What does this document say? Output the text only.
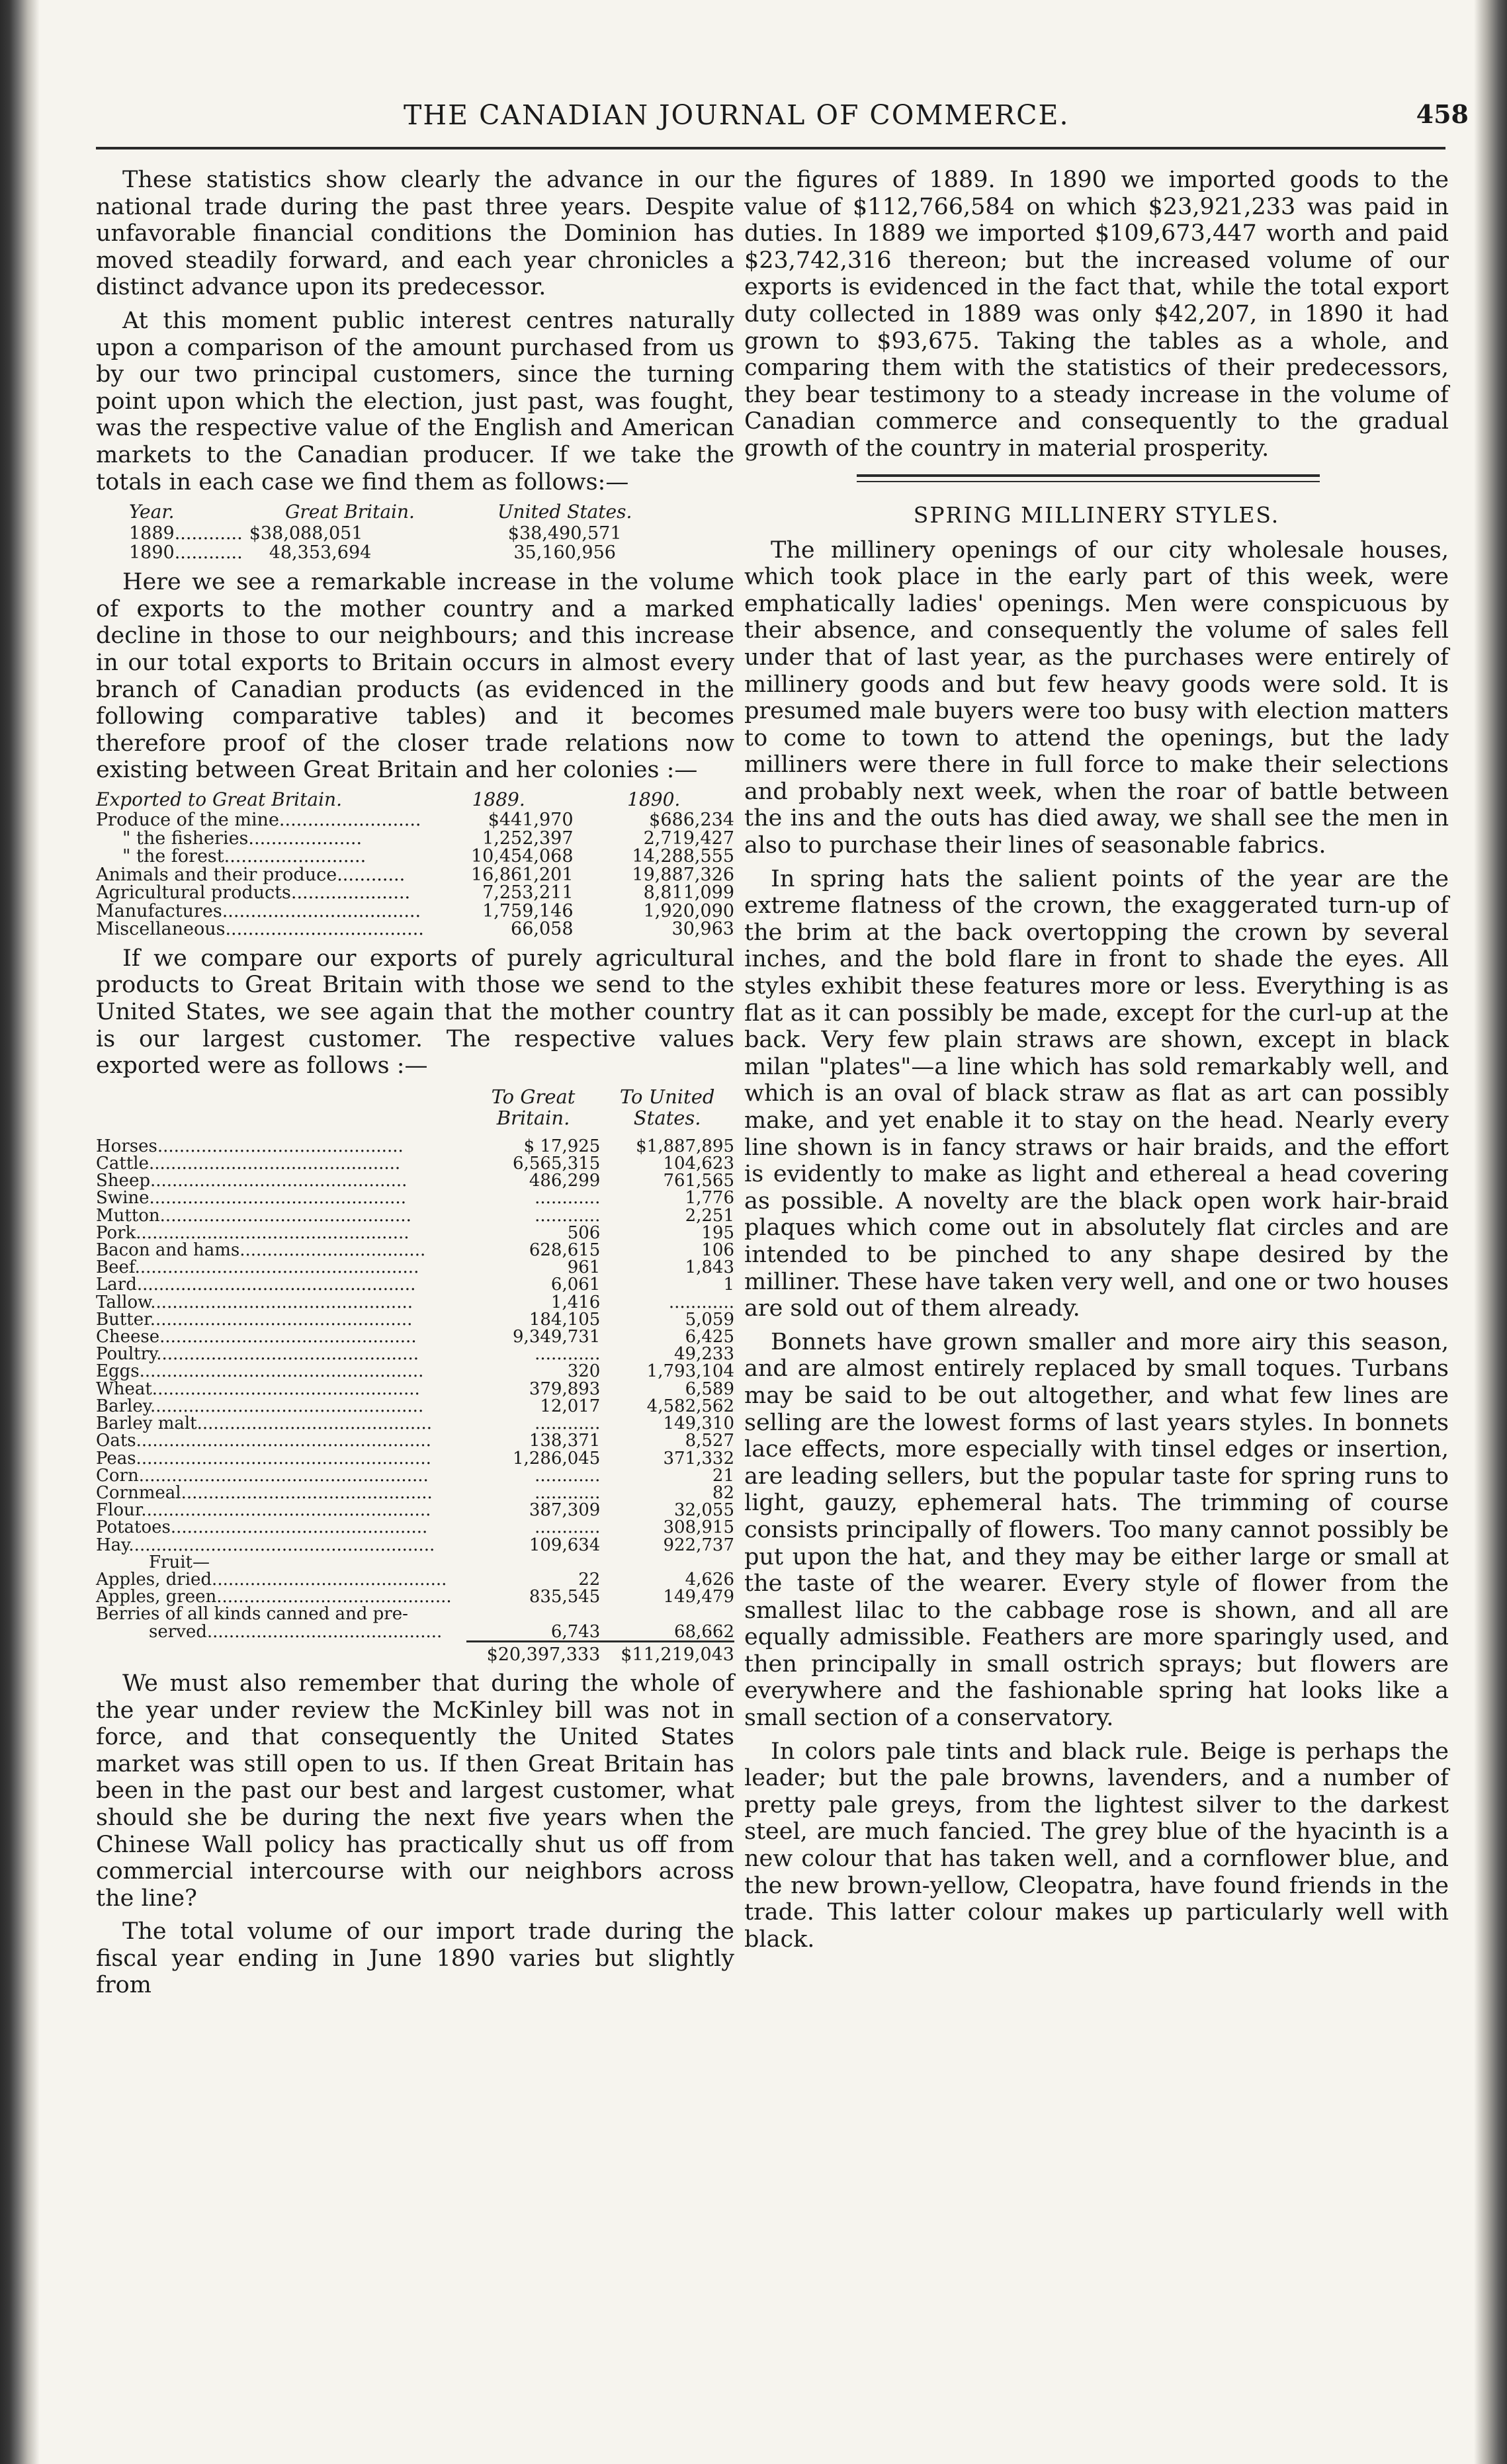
THE CANADIAN JOURNAL OF COMMERCE.	458

These statistics show clearly the advance in our national trade during the past three years. Despite unfavorable financial conditions the Dominion has moved steadily forward, and each year chronicles a distinct advance upon its predecessor.

At this moment public interest centres naturally upon a comparison of the amount purchased from us by our two principal customers, since the turning point upon which the election, just past, was fought, was the respective value of the English and American markets to the Canadian producer. If we take the totals in each case we find them as follows:—

Year.	Great Britain.	United States.	
1889............	$38,088,051	$38,490,571	
1890............	48,353,694	35,160,956	

Here we see a remarkable increase in the volume of exports to the mother country and a marked decline in those to our neighbours; and this increase in our total exports to Britain occurs in almost every branch of Canadian products (as evidenced in the following comparative tables) and it becomes therefore proof of the closer trade relations now existing between Great Britain and her colonies :—

Exported to Great Britain.	1889.	1890.
Produce of the mine.........................	$441,970	$686,234
" the fisheries....................	1,252,397	2,719,427
" the forest.........................	10,454,068	14,288,555
Animals and their produce............	16,861,201	19,887,326
Agricultural products.....................	7,253,211	8,811,099
Manufactures...................................	1,759,146	1,920,090
Miscellaneous...................................	66,058	30,963

If we compare our exports of purely agricultural products to Great Britain with those we send to the United States, we see again that the mother country is our largest customer. The respective values exported were as follows :—

	To Great Britain.	To United States.
Horses.............................................	$ 17,925	$1,887,895
Cattle..............................................	6,565,315	104,623
Sheep...............................................	486,299	761,565
Swine...............................................	............	1,776
Mutton..............................................	............	2,251
Pork..................................................	506	195
Bacon and hams..................................	628,615	106
Beef....................................................	961	1,843
Lard...................................................	6,061	1
Tallow................................................	1,416	............
Butter................................................	184,105	5,059
Cheese...............................................	9,349,731	6,425
Poultry................................................	............	49,233
Eggs....................................................	320	1,793,104
Wheat.................................................	379,893	6,589
Barley..................................................	12,017	4,582,562
Barley malt...........................................	............	149,310
Oats......................................................	138,371	8,527
Peas......................................................	1,286,045	371,332
Corn.....................................................	............	21
Cornmeal..............................................	............	82
Flour.....................................................	387,309	32,055
Potatoes...............................................	............	308,915
Hay........................................................	109,634	922,737
Fruit—		
Apples, dried...........................................	22	4,626
Apples, green...........................................	835,545	149,479
Berries of all kinds canned and pre-		
served...........................................	6,743	68,662
	$20,397,333	$11,219,043

We must also remember that during the whole of the year under review the McKinley bill was not in force, and that consequently the United States market was still open to us. If then Great Britain has been in the past our best and largest customer, what should she be during the next five years when the Chinese Wall policy has practically shut us off from commercial intercourse with our neighbors across the line?

The total volume of our import trade during the fiscal year ending in June 1890 varies but slightly from

the figures of 1889. In 1890 we imported goods to the value of $112,766,584 on which $23,921,233 was paid in duties. In 1889 we imported $109,673,447 worth and paid $23,742,316 thereon; but the increased volume of our exports is evidenced in the fact that, while the total export duty collected in 1889 was only $42,207, in 1890 it had grown to $93,675. Taking the tables as a whole, and comparing them with the statistics of their predecessors, they bear testimony to a steady increase in the volume of Canadian commerce and consequently to the gradual growth of the country in material prosperity.

SPRING MILLINERY STYLES.

The millinery openings of our city wholesale houses, which took place in the early part of this week, were emphatically ladies' openings. Men were conspicuous by their absence, and consequently the volume of sales fell under that of last year, as the purchases were entirely of millinery goods and but few heavy goods were sold. It is presumed male buyers were too busy with election matters to come to town to attend the openings, but the lady milliners were there in full force to make their selections and probably next week, when the roar of battle between the ins and the outs has died away, we shall see the men in also to purchase their lines of seasonable fabrics.

In spring hats the salient points of the year are the extreme flatness of the crown, the exaggerated turn-up of the brim at the back overtopping the crown by several inches, and the bold flare in front to shade the eyes. All styles exhibit these features more or less. Everything is as flat as it can possibly be made, except for the curl-up at the back. Very few plain straws are shown, except in black milan "plates"—a line which has sold remarkably well, and which is an oval of black straw as flat as art can possibly make, and yet enable it to stay on the head. Nearly every line shown is in fancy straws or hair braids, and the effort is evidently to make as light and ethereal a head covering as possible. A novelty are the black open work hair-braid plaques which come out in absolutely flat circles and are intended to be pinched to any shape desired by the milliner. These have taken very well, and one or two houses are sold out of them already.

Bonnets have grown smaller and more airy this season, and are almost entirely replaced by small toques. Turbans may be said to be out altogether, and what few lines are selling are the lowest forms of last years styles. In bonnets lace effects, more especially with tinsel edges or insertion, are leading sellers, but the popular taste for spring runs to light, gauzy, ephemeral hats. The trimming of course consists principally of flowers. Too many cannot possibly be put upon the hat, and they may be either large or small at the taste of the wearer. Every style of flower from the smallest lilac to the cabbage rose is shown, and all are equally admissible. Feathers are more sparingly used, and then principally in small ostrich sprays; but flowers are everywhere and the fashionable spring hat looks like a small section of a conservatory.

In colors pale tints and black rule. Beige is perhaps the leader; but the pale browns, lavenders, and a number of pretty pale greys, from the lightest silver to the darkest steel, are much fancied. The grey blue of the hyacinth is a new colour that has taken well, and a cornflower blue, and the new brown-yellow, Cleopatra, have found friends in the trade. This latter colour makes up particularly well with black.
